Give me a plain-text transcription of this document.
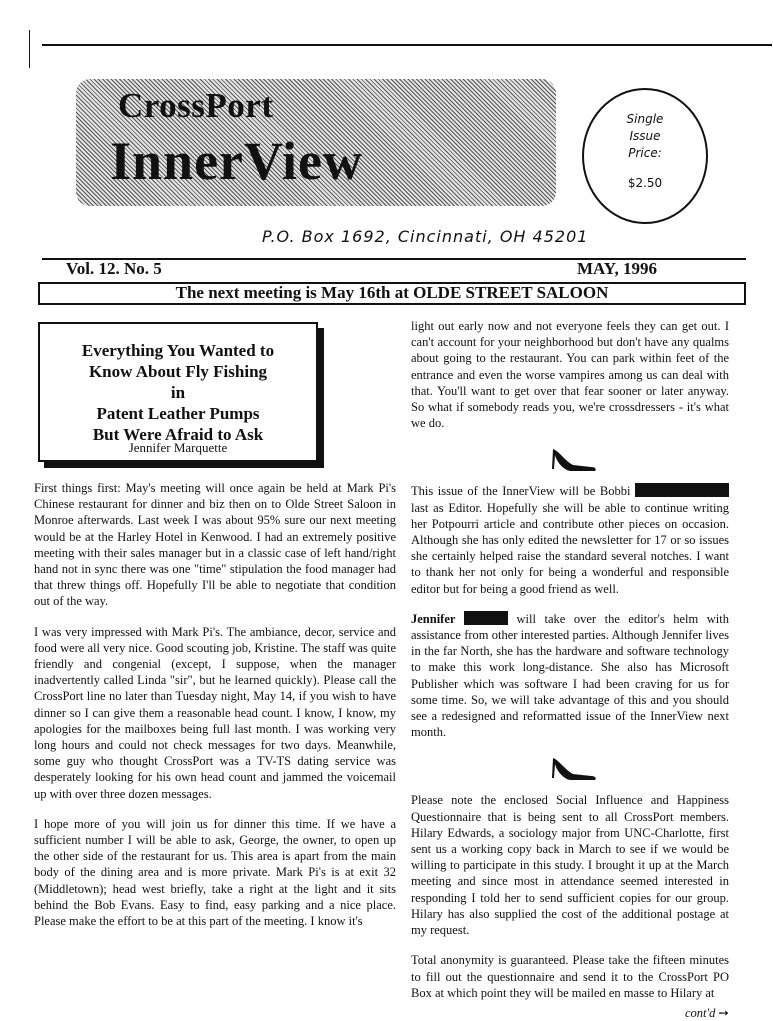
CrossPort
InnerView
Single
Issue
Price:
$2.50
P.O. Box 1692, Cincinnati, OH 45201
Vol. 12. No. 5	MAY, 1996
The next meeting is May 16th at OLDE STREET SALOON
Everything You Wanted to
Know About Fly Fishing
in
Patent Leather Pumps
But Were Afraid to Ask
Jennifer Marquette

First things first: May's meeting will once again be held at Mark Pi's Chinese restaurant for dinner and biz then on to Olde Street Saloon in Monroe afterwards. Last week I was about 95% sure our next meeting would be at the Harley Hotel in Kenwood. I had an extremely positive meeting with their sales manager but in a classic case of left hand/right hand not in sync there was one "time" stipulation the food manager had that threw things off. Hopefully I'll be able to negotiate that condition out of the way.

I was very impressed with Mark Pi's. The ambiance, decor, service and food were all very nice. Good scouting job, Kristine. The staff was quite friendly and congenial (except, I suppose, when the manager inadvertently called Linda "sir", but he learned quickly). Please call the CrossPort line no later than Tuesday night, May 14, if you wish to have dinner so I can give them a reasonable head count. I know, I know, my apologies for the mailboxes being full last month. I was working very long hours and could not check messages for two days. Meanwhile, some guy who thought CrossPort was a TV-TS dating service was desperately looking for his own head count and jammed the voicemail up with over three dozen messages.

I hope more of you will join us for dinner this time. If we have a sufficient number I will be able to ask, George, the owner, to open up the other side of the restaurant for us. This area is apart from the main body of the dining area and is more private. Mark Pi's is at exit 32 (Middletown); head west briefly, take a right at the light and it sits behind the Bob Evans. Easy to find, easy parking and a nice place. Please make the effort to be at this part of the meeting. I know it's

light out early now and not everyone feels they can get out. I can't account for your neighborhood but don't have any qualms about going to the restaurant. You can park within feet of the entrance and even the worse vampires among us can deal with that. You'll want to get over that fear sooner or later anyway. So what if somebody reads you, we're crossdressers - it's what we do.

This issue of the InnerView will be Bobbi  last as Editor. Hopefully she will be able to continue writing her Potpourri article and contribute other pieces on occasion. Although she has only edited the newsletter for 17 or so issues she certainly helped raise the standard several notches. I want to thank her not only for being a wonderful and responsible editor but for being a good friend as well.

Jennifer	will take over the editor's helm with assistance from other interested parties. Although Jennifer lives in the far North, she has the hardware and software technology to make this work long-distance. She also has Microsoft Publisher which was software I had been craving for us for some time. So, we will take advantage of this and you should see a redesigned and reformatted issue of the InnerView next month.

Please note the enclosed Social Influence and Happiness Questionnaire that is being sent to all CrossPort members. Hilary Edwards, a sociology major from UNC-Charlotte, first sent us a working copy back in March to see if we would be willing to participate in this study. I brought it up at the March meeting and since most in attendance seemed interested in responding I told her to send sufficient copies for our group. Hilary has also supplied the cost of the additional postage at my request.

Total anonymity is guaranteed. Please take the fifteen minutes to fill out the questionnaire and send it to the CrossPort PO Box at which point they will be mailed en masse to Hilary at

cont'd ➙
